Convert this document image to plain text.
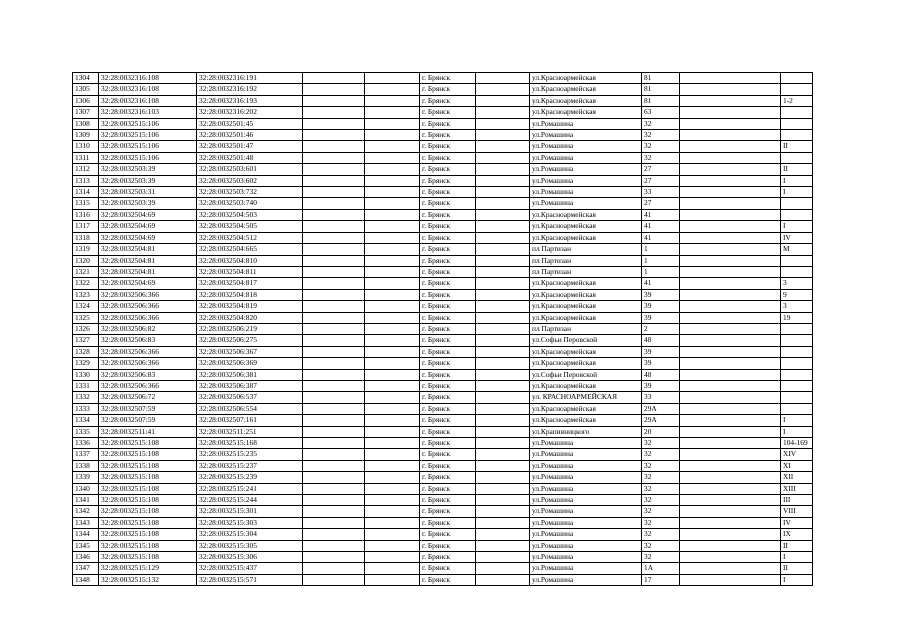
1304	32:28:0032316:108	32:28:0032316:191			г. Брянск		ул.Красноармейская	81		
1305	32:28:0032316:108	32:28:0032316:192			г. Брянск		ул.Красноармейская	81		
1306	32:28:0032316:108	32:28:0032316:193			г. Брянск		ул.Красноармейская	81		1-2
1307	32:28:0032316:103	32:28:0032316:202			г. Брянск		ул.Красноармейская	63		
1308	32:28:0032515:106	32:28:0032501:45			г. Брянск		ул.Ромашина	32		
1309	32:28:0032515:106	32:28:0032501:46			г. Брянск		ул.Ромашина	32		
1310	32:28:0032515:106	32:28:0032501:47			г. Брянск		ул.Ромашина	32		II
1311	32:28:0032515:106	32:28:0032501:48			г. Брянск		ул.Ромашина	32		
1312	32:28:0032503:39	32:28:0032503:601			г. Брянск		ул.Ромашина	27		II
1313	32:28:0032503:39	32:28:0032503:602			г. Брянск		ул.Ромашина	27		I
1314	32:28:0032503:31	32:28:0032503:732			г. Брянск		ул.Ромашина	33		I
1315	32:28:0032503:39	32:28:0032503:740			г. Брянск		ул.Ромашина	27		
1316	32:28:0032504:69	32:28:0032504:503			г. Брянск		ул.Красноармейская	41		
1317	32:28:0032504:69	32:28:0032504:505			г. Брянск		ул.Красноармейская	41		I
1318	32:28:0032504:69	32:28:0032504:512			г. Брянск		ул.Красноармейская	41		IV
1319	32:28:0032504:81	32:28:0032504:665			г. Брянск		пл Партизан	1		M
1320	32:28:0032504:81	32:28:0032504:810			г. Брянск		пл Партизан	1		
1321	32:28:0032504:81	32:28:0032504:811			г. Брянск		пл Партизан	1		
1322	32:28:0032504:69	32:28:0032504:817			г. Брянск		ул.Красноармейская	41		3
1323	32:28:0032506:366	32:28:0032504:818			г. Брянск		ул.Красноармейская	39		9
1324	32:28:0032506:366	32:28:0032504:819			г. Брянск		ул.Красноармейская	39		3
1325	32:28:0032506:366	32:28:0032504:820			г. Брянск		ул.Красноармейская	39		19
1326	32:28:0032506:82	32:28:0032506:219			г. Брянск		пл Партизан	2		
1327	32:28:0032506:83	32:28:0032506:275			г. Брянск		ул.Софьи Перовской	48		
1328	32:28:0032506:366	32:28:0032506:367			г. Брянск		ул.Красноармейская	39		
1329	32:28:0032506:366	32:28:0032506:369			г. Брянск		ул.Красноармейская	39		
1330	32:28:0032506:83	32:28:0032506:381			г. Брянск		ул.Софьи Перовской	48		
1331	32:28:0032506:366	32:28:0032506:387			г. Брянск		ул.Красноармейская	39		
1332	32:28:0032506:72	32:28:0032506:537			г. Брянск		ул. КРАСНОАРМЕЙСКАЯ	33		
1333	32:28:0032507:59	32:28:0032506:554			г. Брянск		ул.Красноармейская	29А		
1334	32:28:0032507:59	32:28:0032507:161			г. Брянск		ул.Красноармейская	29А		I
1335	32:28:0032511:41	32:28:0032511:251			г. Брянск		ул.Крапивницкого	20		I
1336	32:28:0032515:108	32:28:0032515:168			г. Брянск		ул.Ромашина	32		104-169
1337	32:28:0032515:108	32:28:0032515:235			г. Брянск		ул.Ромашина	32		XIV
1338	32:28:0032515:108	32:28:0032515:237			г. Брянск		ул.Ромашина	32		XI
1339	32:28:0032515:108	32:28:0032515:239			г. Брянск		ул.Ромашина	32		XII
1340	32:28:0032515:108	32:28:0032515:241			г. Брянск		ул.Ромашина	32		XIII
1341	32:28:0032515:108	32:28:0032515:244			г. Брянск		ул.Ромашина	32		III
1342	32:28:0032515:108	32:28:0032515:301			г. Брянск		ул.Ромашина	32		VIII
1343	32:28:0032515:108	32:28:0032515:303			г. Брянск		ул.Ромашина	32		IV
1344	32:28:0032515:108	32:28:0032515:304			г. Брянск		ул.Ромашина	32		IX
1345	32:28:0032515:108	32:28:0032515:305			г. Брянск		ул.Ромашина	32		II
1346	32:28:0032515:108	32:28:0032515:306			г. Брянск		ул.Ромашина	32		I
1347	32:28:0032515:129	32:28:0032515:437			г. Брянск		ул.Ромашина	1А		II
1348	32:28:0032515:132	32:28:0032515:571			г. Брянск		ул.Ромашина	17		I
